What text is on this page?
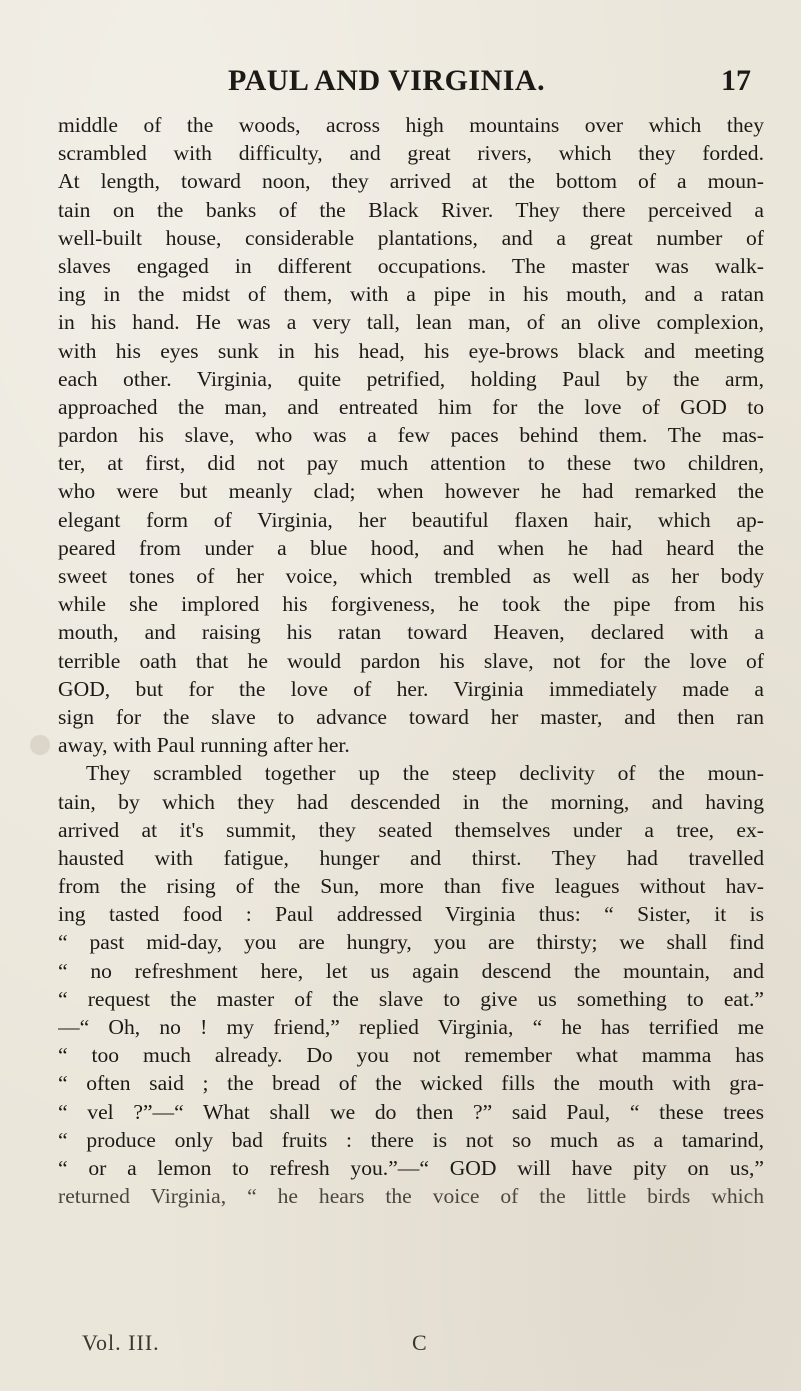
PAUL AND VIRGINIA.	17
middle of the woods, across high mountains over which they
scrambled with difficulty, and great rivers, which they forded.
At length, toward noon, they arrived at the bottom of a moun-
tain on the banks of the Black River. They there perceived a
well-built house, considerable plantations, and a great number of
slaves engaged in different occupations. The master was walk-
ing in the midst of them, with a pipe in his mouth, and a ratan
in his hand. He was a very tall, lean man, of an olive complexion,
with his eyes sunk in his head, his eye-brows black and meeting
each other. Virginia, quite petrified, holding Paul by the arm,
approached the man, and entreated him for the love of GOD to
pardon his slave, who was a few paces behind them. The mas-
ter, at first, did not pay much attention to these two children,
who were but meanly clad; when however he had remarked the
elegant form of Virginia, her beautiful flaxen hair, which ap-
peared from under a blue hood, and when he had heard the
sweet tones of her voice, which trembled as well as her body
while she implored his forgiveness, he took the pipe from his
mouth, and raising his ratan toward Heaven, declared with a
terrible oath that he would pardon his slave, not for the love of
GOD, but for the love of her. Virginia immediately made a
sign for the slave to advance toward her master, and then ran
away, with Paul running after her.
They scrambled together up the steep declivity of the moun-
tain, by which they had descended in the morning, and having
arrived at it's summit, they seated themselves under a tree, ex-
hausted with fatigue, hunger and thirst. They had travelled
from the rising of the Sun, more than five leagues without hav-
ing tasted food : Paul addressed Virginia thus: “ Sister, it is
“ past mid-day, you are hungry, you are thirsty; we shall find
“ no refreshment here, let us again descend the mountain, and
“ request the master of the slave to give us something to eat.”
—“ Oh, no ! my friend,” replied Virginia, “ he has terrified me
“ too much already. Do you not remember what mamma has
“ often said ; the bread of the wicked fills the mouth with gra-
“ vel ?”—“ What shall we do then ?” said Paul, “ these trees
“ produce only bad fruits : there is not so much as a tamarind,
“ or a lemon to refresh you.”—“ GOD will have pity on us,”
returned Virginia, “ he hears the voice of the little birds which
Vol. III.	C
